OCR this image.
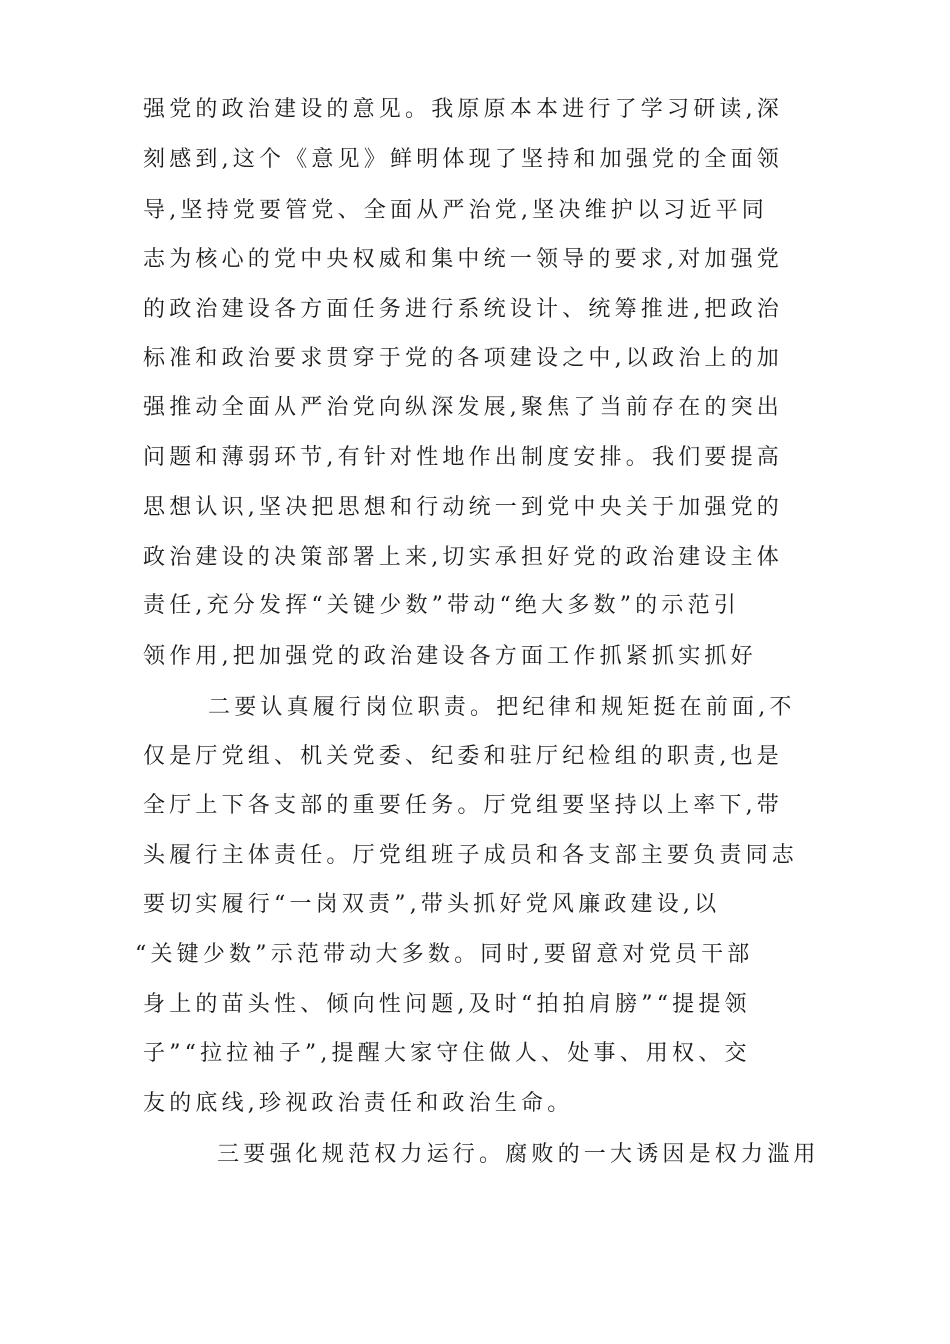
强党的政治建设的意见。我原原本本进行了学习研读,深

刻感到,这个《意见》鲜明体现了坚持和加强党的全面领

导,坚持党要管党、全面从严治党,坚决维护以习近平同

志为核心的党中央权威和集中统一领导的要求,对加强党

的政治建设各方面任务进行系统设计、统筹推进,把政治

标准和政治要求贯穿于党的各项建设之中,以政治上的加

强推动全面从严治党向纵深发展,聚焦了当前存在的突出

问题和薄弱环节,有针对性地作出制度安排。我们要提高

思想认识,坚决把思想和行动统一到党中央关于加强党的

政治建设的决策部署上来,切实承担好党的政治建设主体

责任,充分发挥“关键少数”带动“绝大多数”的示范引

领作用,把加强党的政治建设各方面工作抓紧抓实抓好

二要认真履行岗位职责。把纪律和规矩挺在前面,不

仅是厅党组、机关党委、纪委和驻厅纪检组的职责,也是

全厅上下各支部的重要任务。厅党组要坚持以上率下,带

头履行主体责任。厅党组班子成员和各支部主要负责同志

要切实履行“一岗双责”,带头抓好党风廉政建设,以

“关键少数”示范带动大多数。同时,要留意对党员干部

身上的苗头性、倾向性问题,及时“拍拍肩膀”“提提领

子”“拉拉袖子”,提醒大家守住做人、处事、用权、交

友的底线,珍视政治责任和政治生命。

三要强化规范权力运行。腐败的一大诱因是权力滥用
